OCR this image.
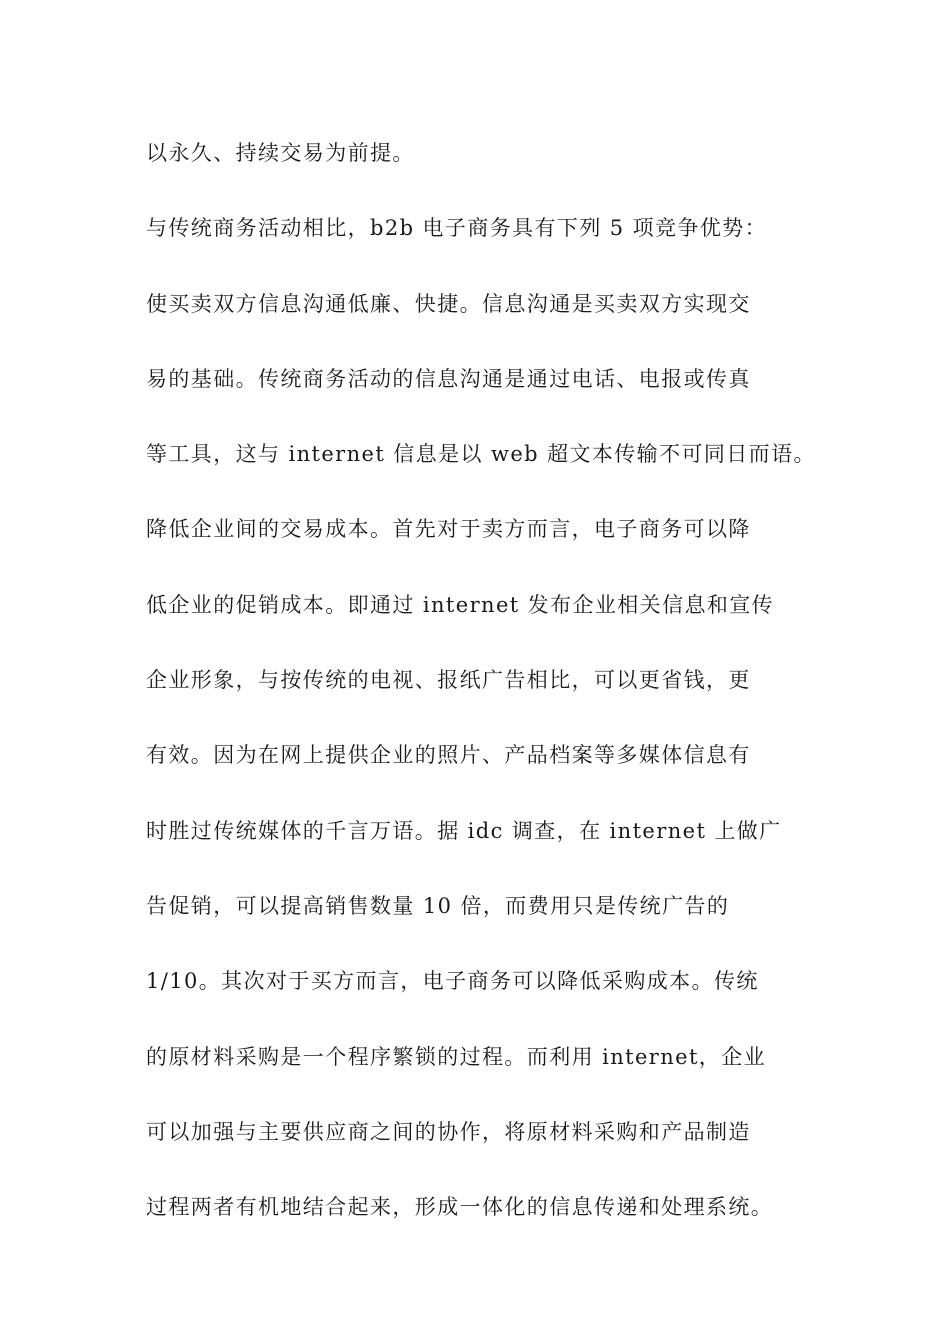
以永久、持续交易为前提。
与传统商务活动相比，b2b 电子商务具有下列 5 项竞争优势：
使买卖双方信息沟通低廉、快捷。信息沟通是买卖双方实现交
易的基础。传统商务活动的信息沟通是通过电话、电报或传真
等工具，这与 internet 信息是以 web 超文本传输不可同日而语。
降低企业间的交易成本。首先对于卖方而言，电子商务可以降
低企业的促销成本。即通过 internet 发布企业相关信息和宣传
企业形象，与按传统的电视、报纸广告相比，可以更省钱，更
有效。因为在网上提供企业的照片、产品档案等多媒体信息有
时胜过传统媒体的千言万语。据 idc 调查，在 internet 上做广
告促销，可以提高销售数量 10 倍，而费用只是传统广告的
1/10。其次对于买方而言，电子商务可以降低采购成本。传统
的原材料采购是一个程序繁锁的过程。而利用 internet，企业
可以加强与主要供应商之间的协作，将原材料采购和产品制造
过程两者有机地结合起来，形成一体化的信息传递和处理系统。
